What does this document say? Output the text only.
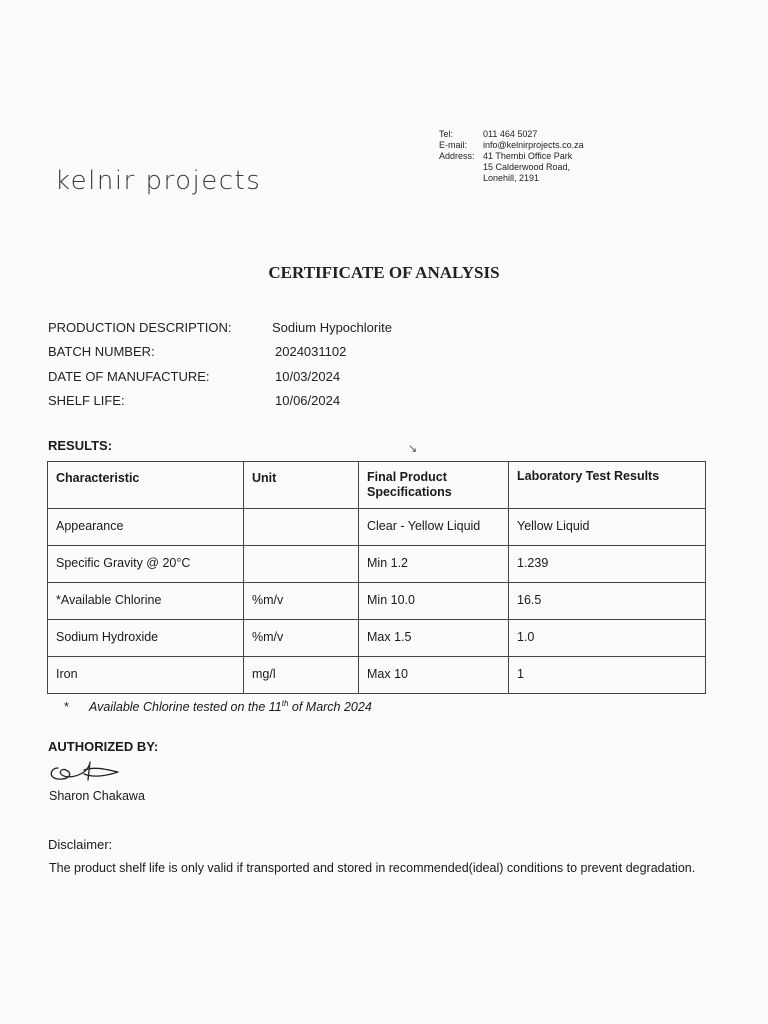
Tel:	011 464 5027
E-mail:	info@kelnirprojects.co.za
Address: 41 Thembi Office Park
15 Calderwood Road,
Lonehill, 2191
kelnir projects
CERTIFICATE OF ANALYSIS
PRODUCTION DESCRIPTION:	Sodium Hypochlorite
BATCH NUMBER:	2024031102
DATE OF MANUFACTURE:	10/03/2024
SHELF LIFE:	10/06/2024
RESULTS:	↘
Characteristic	Unit	Final Product Specifications	Laboratory Test Results
Appearance		Clear - Yellow Liquid	Yellow Liquid
Specific Gravity @ 20°C		Min 1.2	1.239
*Available Chlorine	%m/v	Min 10.0	16.5
Sodium Hydroxide	%m/v	Max 1.5	1.0
Iron	mg/l	Max 10	1
* Available Chlorine tested on the 11th of March 2024
AUTHORIZED BY:
Sharon Chakawa
Disclaimer:
The product shelf life is only valid if transported and stored in recommended(ideal) conditions to prevent degradation.
